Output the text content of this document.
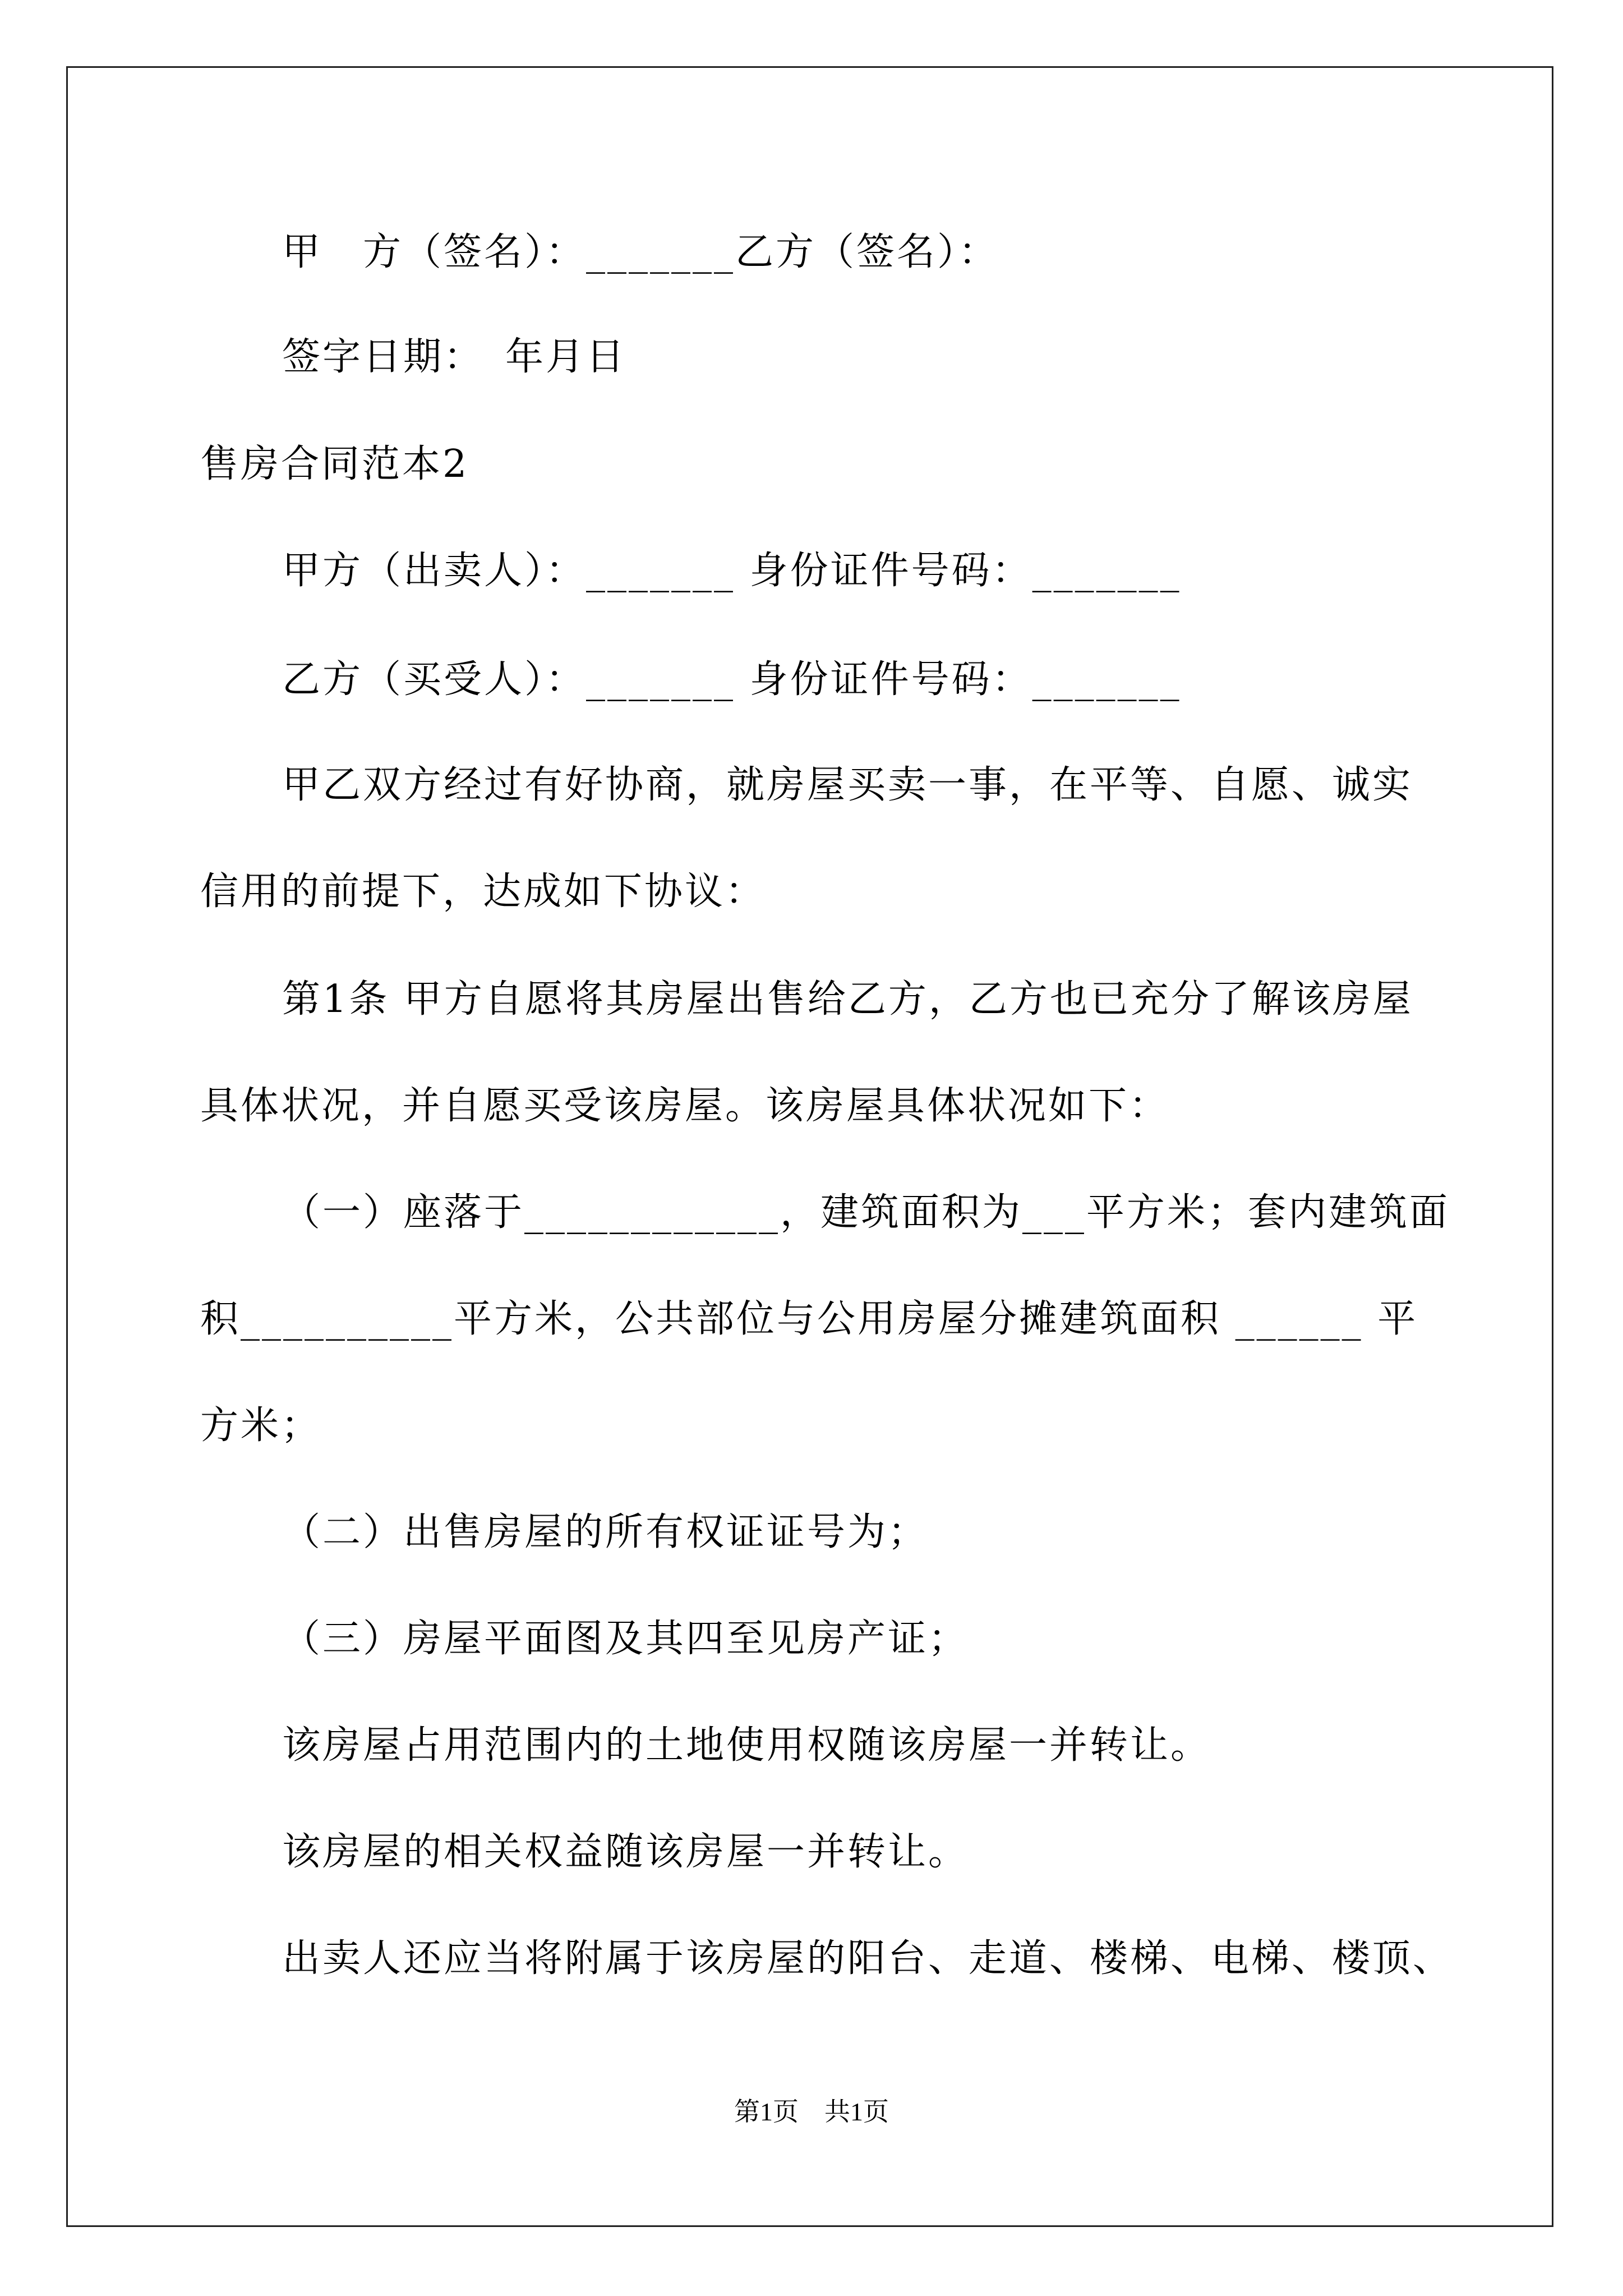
甲　方（签名）：_______乙方（签名）：
签字日期：　年月日
售房合同范本2
甲方（出卖人）：_______ 身份证件号码：_______
乙方（买受人）：_______ 身份证件号码：_______
甲乙双方经过有好协商，就房屋买卖一事，在平等、自愿、诚实
信用的前提下，达成如下协议：
第1条 甲方自愿将其房屋出售给乙方，乙方也已充分了解该房屋
具体状况，并自愿买受该房屋。该房屋具体状况如下：
（一）座落于____________，建筑面积为___平方米；套内建筑面
积__________平方米，公共部位与公用房屋分摊建筑面积 ______ 平
方米；
（二）出售房屋的所有权证证号为；
（三）房屋平面图及其四至见房产证；
该房屋占用范围内的土地使用权随该房屋一并转让。
该房屋的相关权益随该房屋一并转让。
出卖人还应当将附属于该房屋的阳台、走道、楼梯、电梯、楼顶、
第1页　共1页
